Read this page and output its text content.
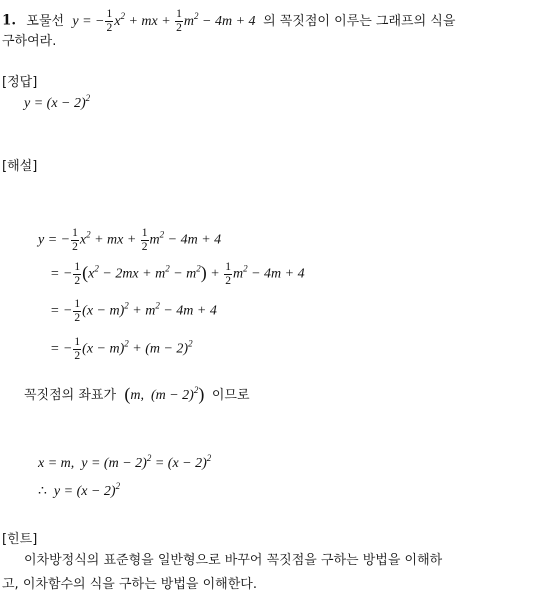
1. 포물선 y = − $\frac{1}{2} x^2$ + mx + $\frac{1}{2} m^2 - 4m + 4$ 의 꼭짓점이 이루는 그래프의 식을
구하여라.
[정답]
$y = (x - 2)^2$
[해설]
y = − $\frac{1}{2} x^2$ + mx + $\frac{1}{2} m^2 - 4m + 4$
= − $\frac{1}{2} (x^2 - 2mx + m^2 - m^2) + \frac{1}{2} m^2 - 4m + 4$
= − $\frac{1}{2} (x - m)^2 + m^2 - 4m + 4$
= − $\frac{1}{2} (x - m)^2 + (m - 2)^2$
꼭짓점의 좌표가 (m,  $(m - 2)^2$) 이므로
x = m,  $y = (m - 2)^2 = (x - 2)^2$
∴  $y = (x - 2)^2$
[힌트]
이차방정식의 표준형을 일반형으로 바꾸어 꼭짓점을 구하는 방법을 이해하
고, 이차함수의 식을 구하는 방법을 이해한다.
